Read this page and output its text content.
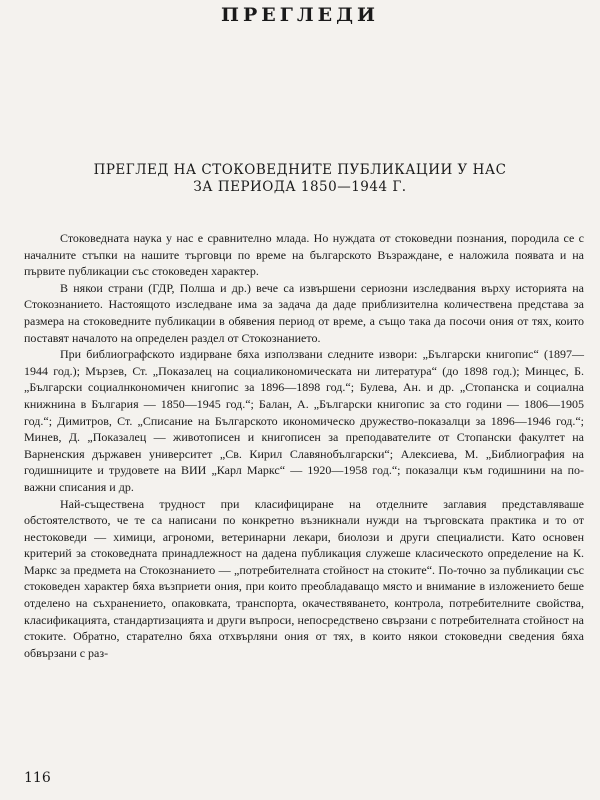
ПРЕГЛЕДИ
ПРЕГЛЕД НА СТОКОВЕДНИТЕ ПУБЛИКАЦИИ У НАС
ЗА ПЕРИОДА 1850—1944 Г.

Стоковедната наука у нас е сравнително млада. Но нуждата от стоковедни познания, породила се с началните стъпки на нашите търговци по време на българското Възраждане, е наложила появата и на първите публикации със стоковеден характер.

В някои страни (ГДР, Полша и др.) вече са извършени сериозни изследвания върху историята на Стокознанието. Настоящото изследване има за задача да даде приблизителна количествена представа за размера на стоковедните публикации в обявения период от време, а също така да посочи ония от тях, които поставят началото на определен раздел от Стокознанието.

При библиографското издирване бяха използвани следните извори: „Български книгопис“ (1897—1944 год.); Мързев, Ст. „Показалец на социаликономическата ни литература“ (до 1898 год.); Минцес, Б. „Български социалнкономичен книгопис за 1896—1898 год.“; Булева, Ан. и др. „Стопанска и социална книжнина в България — 1850—1945 год.“; Балан, А. „Български книгопис за сто години — 1806—1905 год.“; Димитров, Ст. „Списание на Българското икономическо дружество-показалци за 1896—1946 год.“; Минев, Д. „Показалец — животописен и книгописен за преподавателите от Стопански факултет на Варненския държавен университет „Св. Кирил Славянобългарски“; Алексиева, М. „Библиография на годишниците и трудовете на ВИИ „Карл Маркс“ — 1920—1958 год.“; показалци към годишнини на по-важни списания и др.

Най-съществена трудност при класифициране на отделните заглавия представляваше обстоятелството, че те са написани по конкретно възникнали нужди на търговската практика и то от нестоковеди — химици, агрономи, ветеринарни лекари, биолози и други специалисти. Като основен критерий за стоковедната принадлежност на дадена публикация служеше класическото определение на К. Маркс за предмета на Стокознанието — „потребителната стойност на стоките“. По-точно за публикации със стоковеден характер бяха възприети ония, при които преобладаващо място и внимание в изложението беше отделено на съхранението, опаковката, транспорта, окачествяването, контрола, потребителните свойства, класификацията, стандартизацията и други въпроси, непосредствено свързани с потребителната стойност на стоките. Обратно, старателно бяха отхвърляни ония от тях, в които някои стоковедни сведения бяха обвързани с раз-

116
